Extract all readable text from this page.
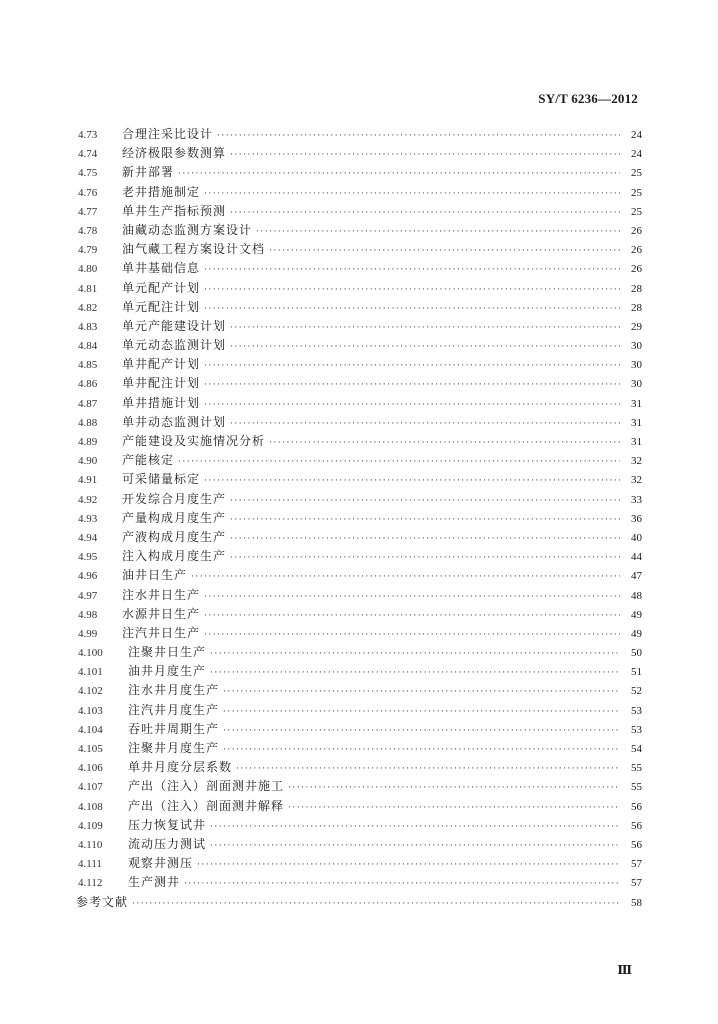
SY/T 6236—2012
4.73	合理注采比设计 ·····	24
4.74	经济极限参数测算 ·····	24
4.75	新井部署 ·····	25
4.76	老井措施制定 ·····	25
4.77	单井生产指标预测 ·····	25
4.78	油藏动态监测方案设计 ·····	26
4.79	油气藏工程方案设计文档 ·····	26
4.80	单井基础信息 ·····	26
4.81	单元配产计划 ·····	28
4.82	单元配注计划 ·····	28
4.83	单元产能建设计划 ·····	29
4.84	单元动态监测计划 ·····	30
4.85	单井配产计划 ·····	30
4.86	单井配注计划 ·····	30
4.87	单井措施计划 ·····	31
4.88	单井动态监测计划 ·····	31
4.89	产能建设及实施情况分析 ·····	31
4.90	产能核定 ·····	32
4.91	可采储量标定 ·····	32
4.92	开发综合月度生产 ·····	33
4.93	产量构成月度生产 ·····	36
4.94	产液构成月度生产 ·····	40
4.95	注入构成月度生产 ·····	44
4.96	油井日生产 ·····	47
4.97	注水井日生产 ·····	48
4.98	水源井日生产 ·····	49
4.99	注汽井日生产 ·····	49
4.100	注聚井日生产 ·····	50
4.101	油井月度生产 ·····	51
4.102	注水井月度生产 ·····	52
4.103	注汽井月度生产 ·····	53
4.104	吞吐井周期生产 ·····	53
4.105	注聚井月度生产 ·····	54
4.106	单井月度分层系数 ·····	55
4.107	产出（注入）剖面测井施工 ·····	55
4.108	产出（注入）剖面测井解释 ·····	56
4.109	压力恢复试井 ·····	56
4.110	流动压力测试 ·····	56
4.111	观察井测压 ·····	57
4.112	生产测井 ·····	57
参考文献 ·····	58
Ⅲ
